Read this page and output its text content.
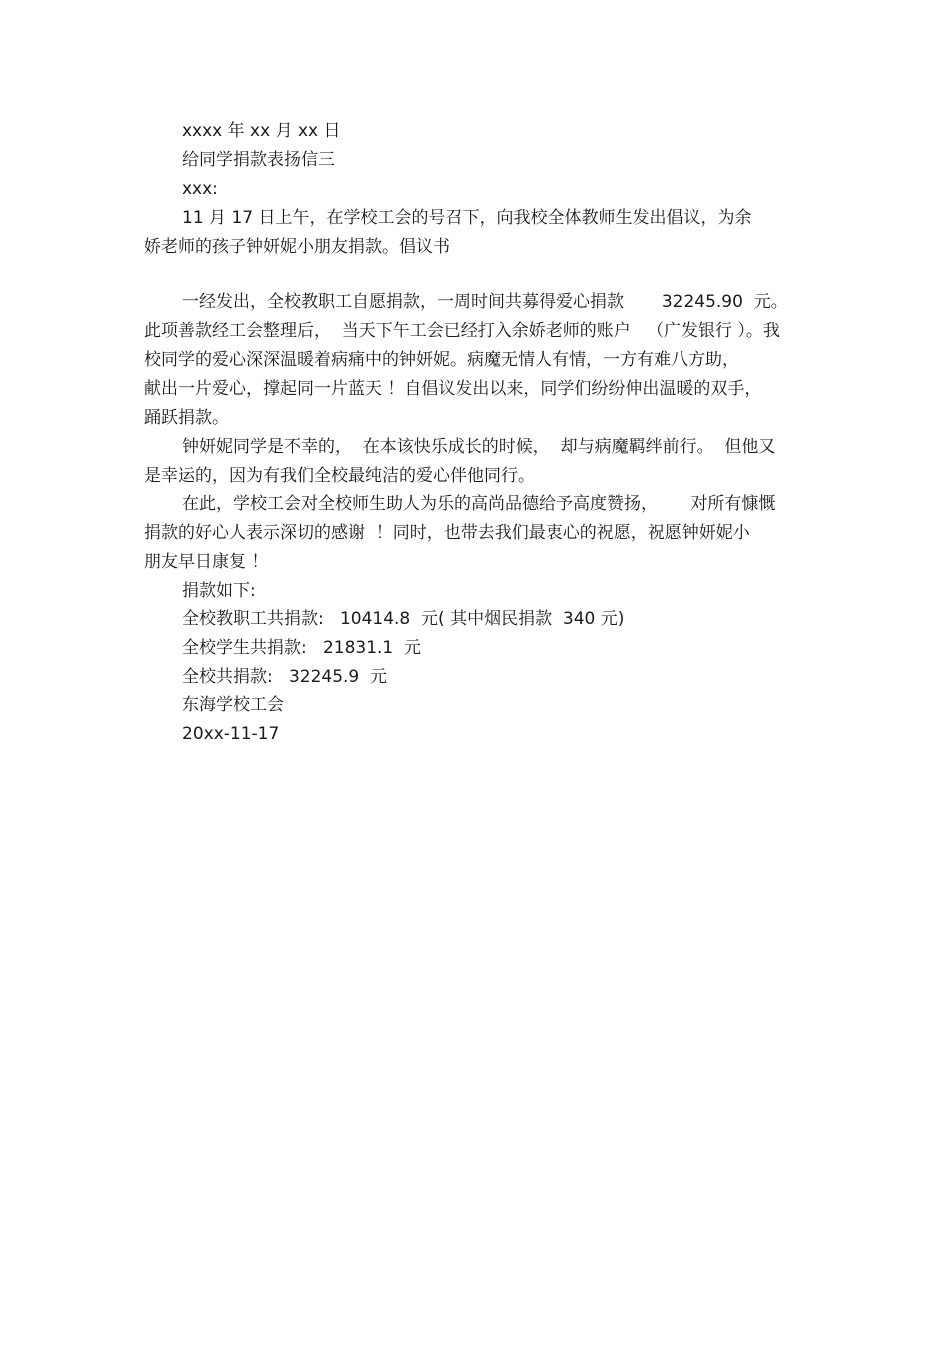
xxxx 年 xx 月 xx 日
给同学捐款表扬信三
xxx:
11 月 17 日上午，在学校工会的号召下，向我校全体教师生发出倡议，为余
娇老师的孩子钟妍妮小朋友捐款。倡议书
一经发出，全校教职工自愿捐款，一周时间共募得爱心捐款       32245.90  元。
此项善款经工会整理后，  当天下午工会已经打入余娇老师的账户   （广发银行 ）。我
校同学的爱心深深温暖着病痛中的钟妍妮。病魔无情人有情，一方有难八方助，
献出一片爱心，撑起同一片蓝天 ！自倡议发出以来，同学们纷纷伸出温暖的双手，
踊跃捐款。
钟妍妮同学是不幸的，  在本该快乐成长的时候，  却与病魔羁绊前行。  但他又
是幸运的，因为有我们全校最纯洁的爱心伴他同行。
在此，学校工会对全校师生助人为乐的高尚品德给予高度赞扬，      对所有慷慨
捐款的好心人表示深切的感谢  ！同时，也带去我们最衷心的祝愿，祝愿钟妍妮小
朋友早日康复 ！
捐款如下:
全校教职工共捐款:   10414.8  元( 其中烟民捐款  340 元)
全校学生共捐款:   21831.1  元
全校共捐款:   32245.9  元
东海学校工会
20xx-11-17
